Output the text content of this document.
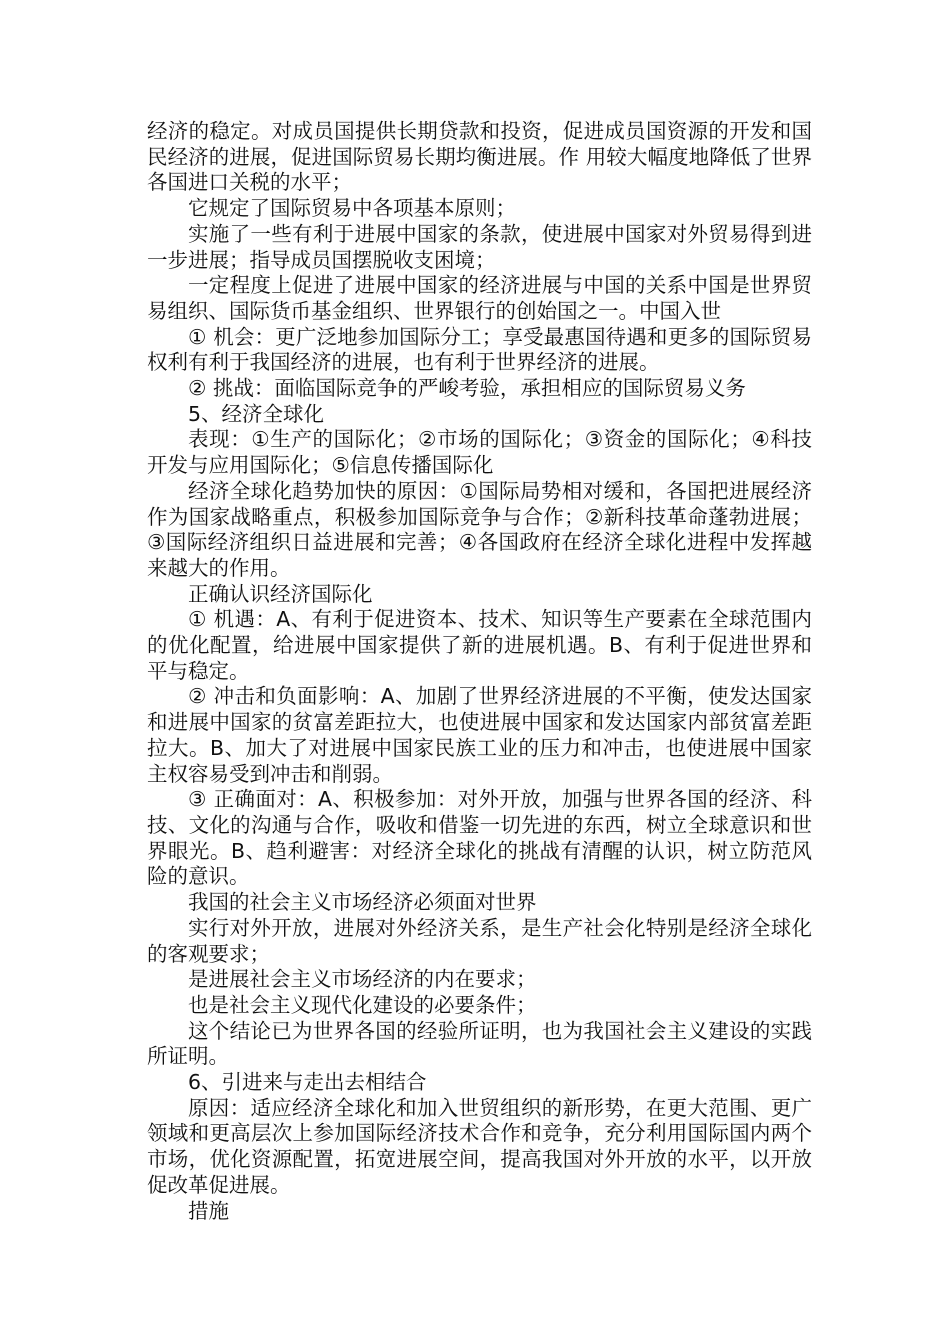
经济的稳定。对成员国提供长期贷款和投资，促进成员国资源的开发和国民经济的进展，促进国际贸易长期均衡进展。作 用较大幅度地降低了世界各国进口关税的水平；

它规定了国际贸易中各项基本原则；

实施了一些有利于进展中国家的条款，使进展中国家对外贸易得到进一步进展；指导成员国摆脱收支困境；

一定程度上促进了进展中国家的经济进展与中国的关系中国是世界贸易组织、国际货币基金组织、世界银行的创始国之一。中国入世

① 机会：更广泛地参加国际分工；享受最惠国待遇和更多的国际贸易权利有利于我国经济的进展，也有利于世界经济的进展。

② 挑战：面临国际竞争的严峻考验，承担相应的国际贸易义务

5、经济全球化

表现：①生产的国际化；②市场的国际化；③资金的国际化；④科技开发与应用国际化；⑤信息传播国际化

经济全球化趋势加快的原因：①国际局势相对缓和，各国把进展经济作为国家战略重点，积极参加国际竞争与合作；②新科技革命蓬勃进展；③国际经济组织日益进展和完善；④各国政府在经济全球化进程中发挥越来越大的作用。

正确认识经济国际化

① 机遇：A、有利于促进资本、技术、知识等生产要素在全球范围内的优化配置，给进展中国家提供了新的进展机遇。B、有利于促进世界和平与稳定。

② 冲击和负面影响：A、加剧了世界经济进展的不平衡，使发达国家和进展中国家的贫富差距拉大，也使进展中国家和发达国家内部贫富差距拉大。B、加大了对进展中国家民族工业的压力和冲击，也使进展中国家主权容易受到冲击和削弱。

③ 正确面对：A、积极参加：对外开放，加强与世界各国的经济、科技、文化的沟通与合作，吸收和借鉴一切先进的东西，树立全球意识和世界眼光。B、趋利避害：对经济全球化的挑战有清醒的认识，树立防范风险的意识。

我国的社会主义市场经济必须面对世界

实行对外开放，进展对外经济关系，是生产社会化特别是经济全球化的客观要求；

是进展社会主义市场经济的内在要求；

也是社会主义现代化建设的必要条件；

这个结论已为世界各国的经验所证明，也为我国社会主义建设的实践所证明。

6、引进来与走出去相结合

原因：适应经济全球化和加入世贸组织的新形势，在更大范围、更广领域和更高层次上参加国际经济技术合作和竞争，充分利用国际国内两个市场，优化资源配置，拓宽进展空间，提高我国对外开放的水平，以开放促改革促进展。

措施
